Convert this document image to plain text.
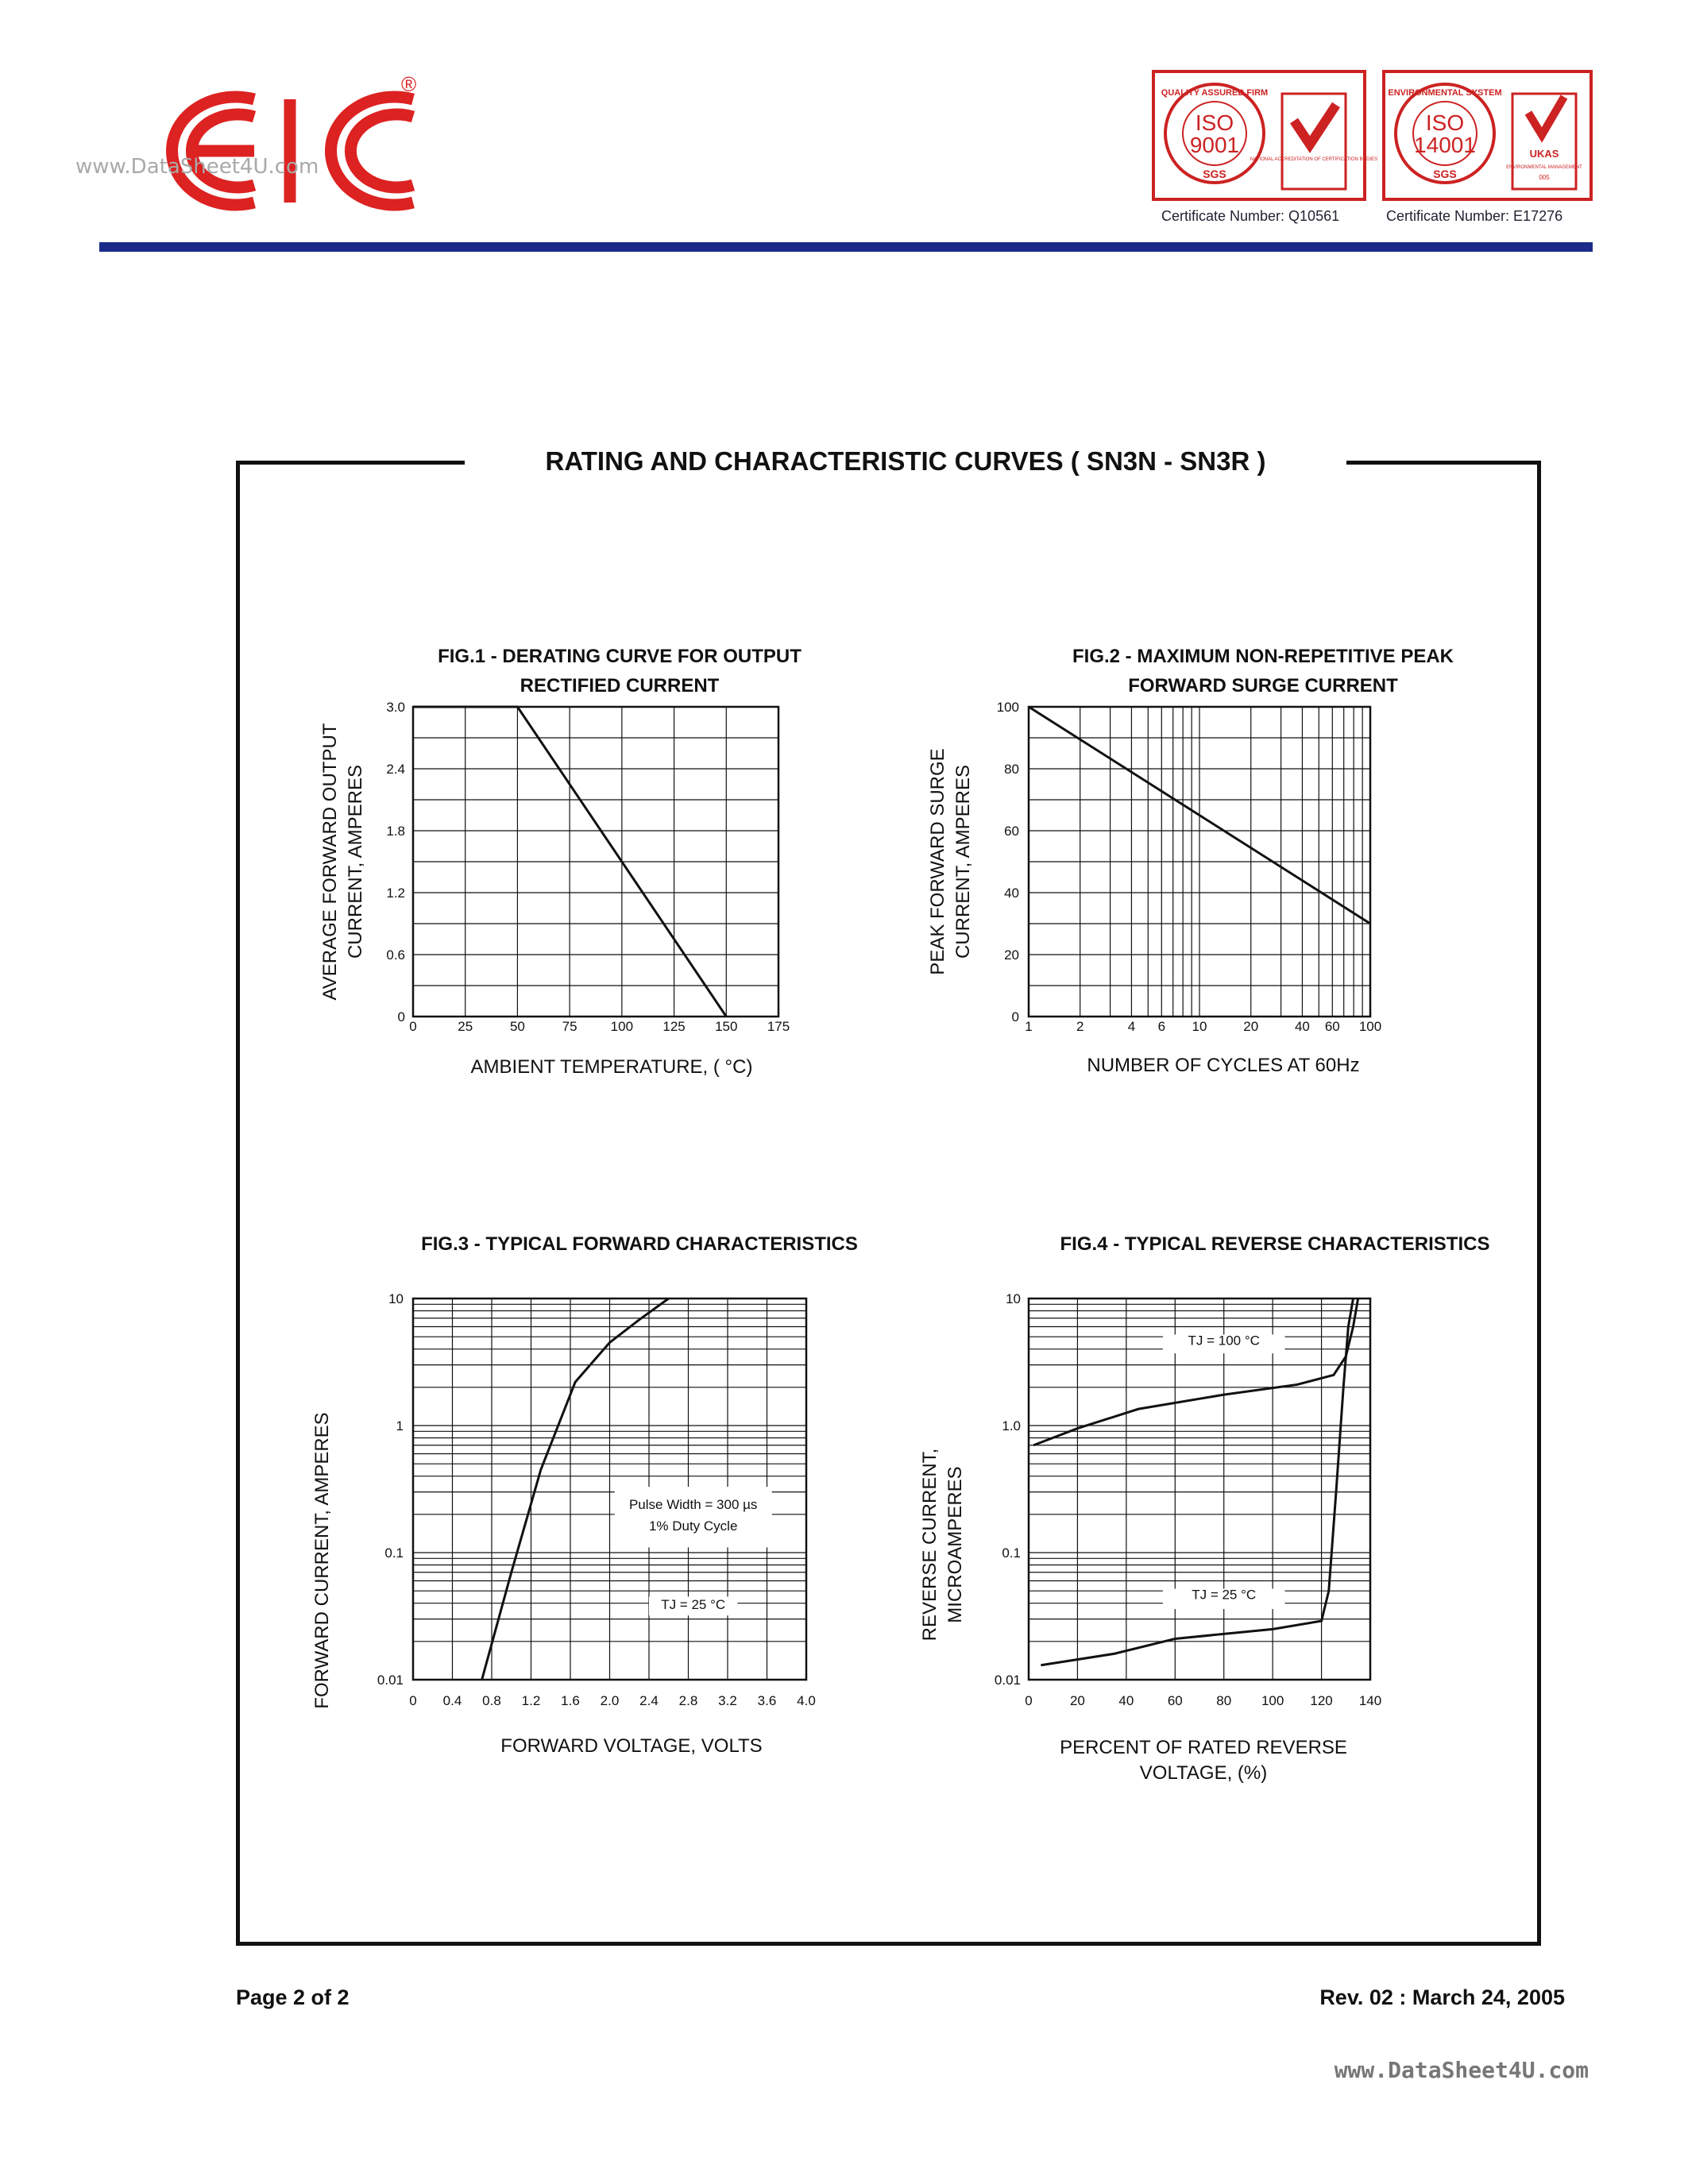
®
www.DataSheet4U.com
QUALITY ASSURED FIRM
ISO
9001
SGS
NATIONAL ACCREDITATION OF CERTIFICATION BODIES
ENVIRONMENTAL SYSTEM
ISO
14001
SGS
UKAS
ENVIRONMENTAL MANAGEMENT
005
Certificate Number: Q10561	Certificate Number: E17276
RATING AND CHARACTERISTIC CURVES ( SN3N - SN3R )
FIG.1 - DERATING CURVE FOR OUTPUT
RECTIFIED CURRENT
0	25	50	75 100 125 150 175
0
0.6
1.2
1.8
2.4
3.0
AMBIENT TEMPERATURE, ( °C)
AVERAGE FORWARD OUTPUT CURRENT, AMPERES
FIG.2 - MAXIMUM NON-REPETITIVE PEAK
FORWARD SURGE CURRENT
1	2	4 6 10	20	40 60 100
0
20
40
60
80
100
NUMBER OF CYCLES AT 60Hz
PEAK FORWARD SURGE CURRENT, AMPERES
FIG.3 - TYPICAL FORWARD CHARACTERISTICS
0 0.4 0.8 1.2 1.6 2.0 2.4 2.8 3.2 3.6 4.0
0.01
0.1
1
10
Pulse Width = 300 µs
1% Duty Cycle
TJ = 25 °C
FORWARD VOLTAGE, VOLTS
FORWARD CURRENT, AMPERES
FIG.4 - TYPICAL REVERSE CHARACTERISTICS
0	20	40	60	80 100 120 140
0.01
0.1
1.0
10
TJ = 100 °C
TJ = 25 °C
PERCENT OF RATED REVERSE
VOLTAGE, (%)
REVERSE CURRENT, MICROAMPERES
Page 2 of 2	Rev. 02 : March 24, 2005
www.DataSheet4U.com
